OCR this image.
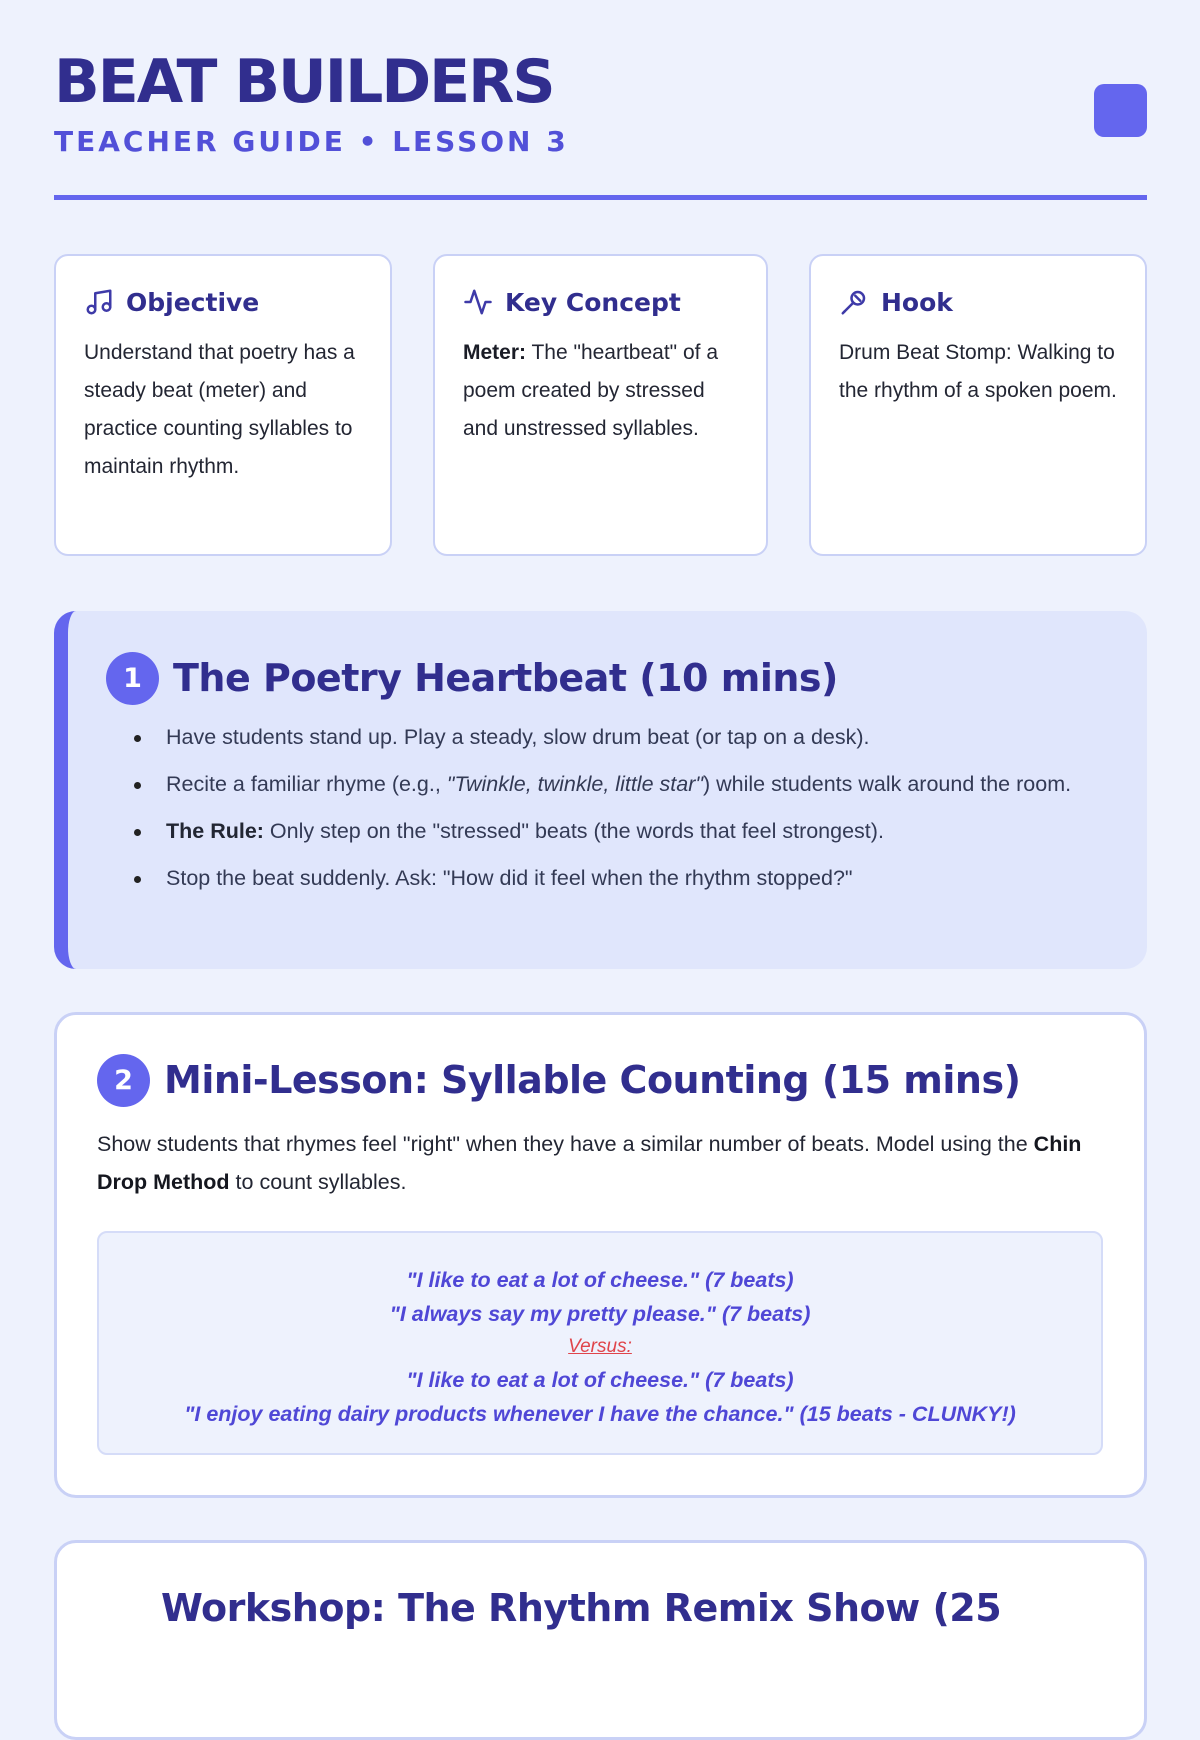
BEAT BUILDERS
TEACHER GUIDE • LESSON 3
Objective
Understand that poetry has a steady beat (meter) and practice counting syllables to maintain rhythm.
Key Concept
Meter: The "heartbeat" of a poem created by stressed and unstressed syllables.
Hook
Drum Beat Stomp: Walking to the rhythm of a spoken poem.
1 The Poetry Heartbeat (10 mins)
Have students stand up. Play a steady, slow drum beat (or tap on a desk).
Recite a familiar rhyme (e.g., "Twinkle, twinkle, little star") while students walk around the room.
The Rule: Only step on the "stressed" beats (the words that feel strongest).
Stop the beat suddenly. Ask: "How did it feel when the rhythm stopped?"
2 Mini-Lesson: Syllable Counting (15 mins)
Show students that rhymes feel "right" when they have a similar number of beats. Model using the Chin Drop Method to count syllables.
"I like to eat a lot of cheese." (7 beats)
"I always say my pretty please." (7 beats)
Versus:
"I like to eat a lot of cheese." (7 beats)
"I enjoy eating dairy products whenever I have the chance." (15 beats - CLUNKY!)
Workshop: The Rhythm Remix Show (25
